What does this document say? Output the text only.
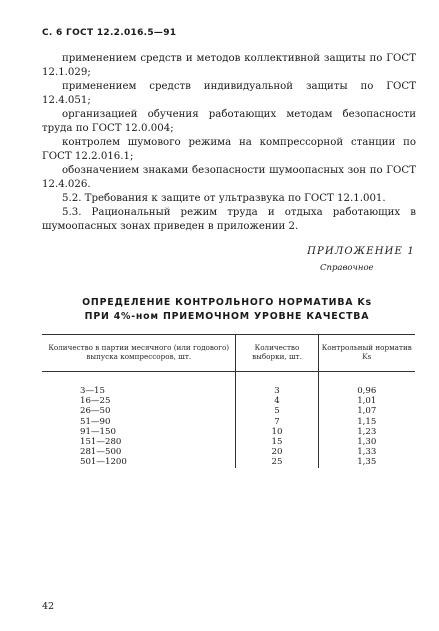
С. 6 ГОСТ 12.2.016.5—91

применением средств и методов коллективной защиты по ГОСТ 12.1.029;

применением средств индивидуальной защиты по ГОСТ 12.4.051;

организацией обучения работающих методам безопасности труда по ГОСТ 12.0.004;

контролем шумового режима на компрессорной станции по ГОСТ 12.2.016.1;

обозначением знаками безопасности шумоопасных зон по ГОСТ 12.4.026.

5.2. Требования к защите от ультразвука по ГОСТ 12.1.001.

5.3. Рациональный режим труда и отдыха работающих в шумоопасных зонах приведен в приложении 2.

ПРИЛОЖЕНИЕ 1
Справочное
ОПРЕДЕЛЕНИЕ КОНТРОЛЬНОГО НОРМАТИВА Ks
ПРИ 4%-ном ПРИЕМОЧНОМ УРОВНЕ КАЧЕСТВА
Количество в партии месячного (или годового) выпуска компрессоров, шт.	Количество выборки, шт.	Контрольный норматив Ks

3—15	3	0,96
16—25	4	1,01
26—50	5	1,07
51—90	7	1,15
91—150	10	1,23
151—280	15	1,30
281—500	20	1,33
501—1200	25	1,35
42
